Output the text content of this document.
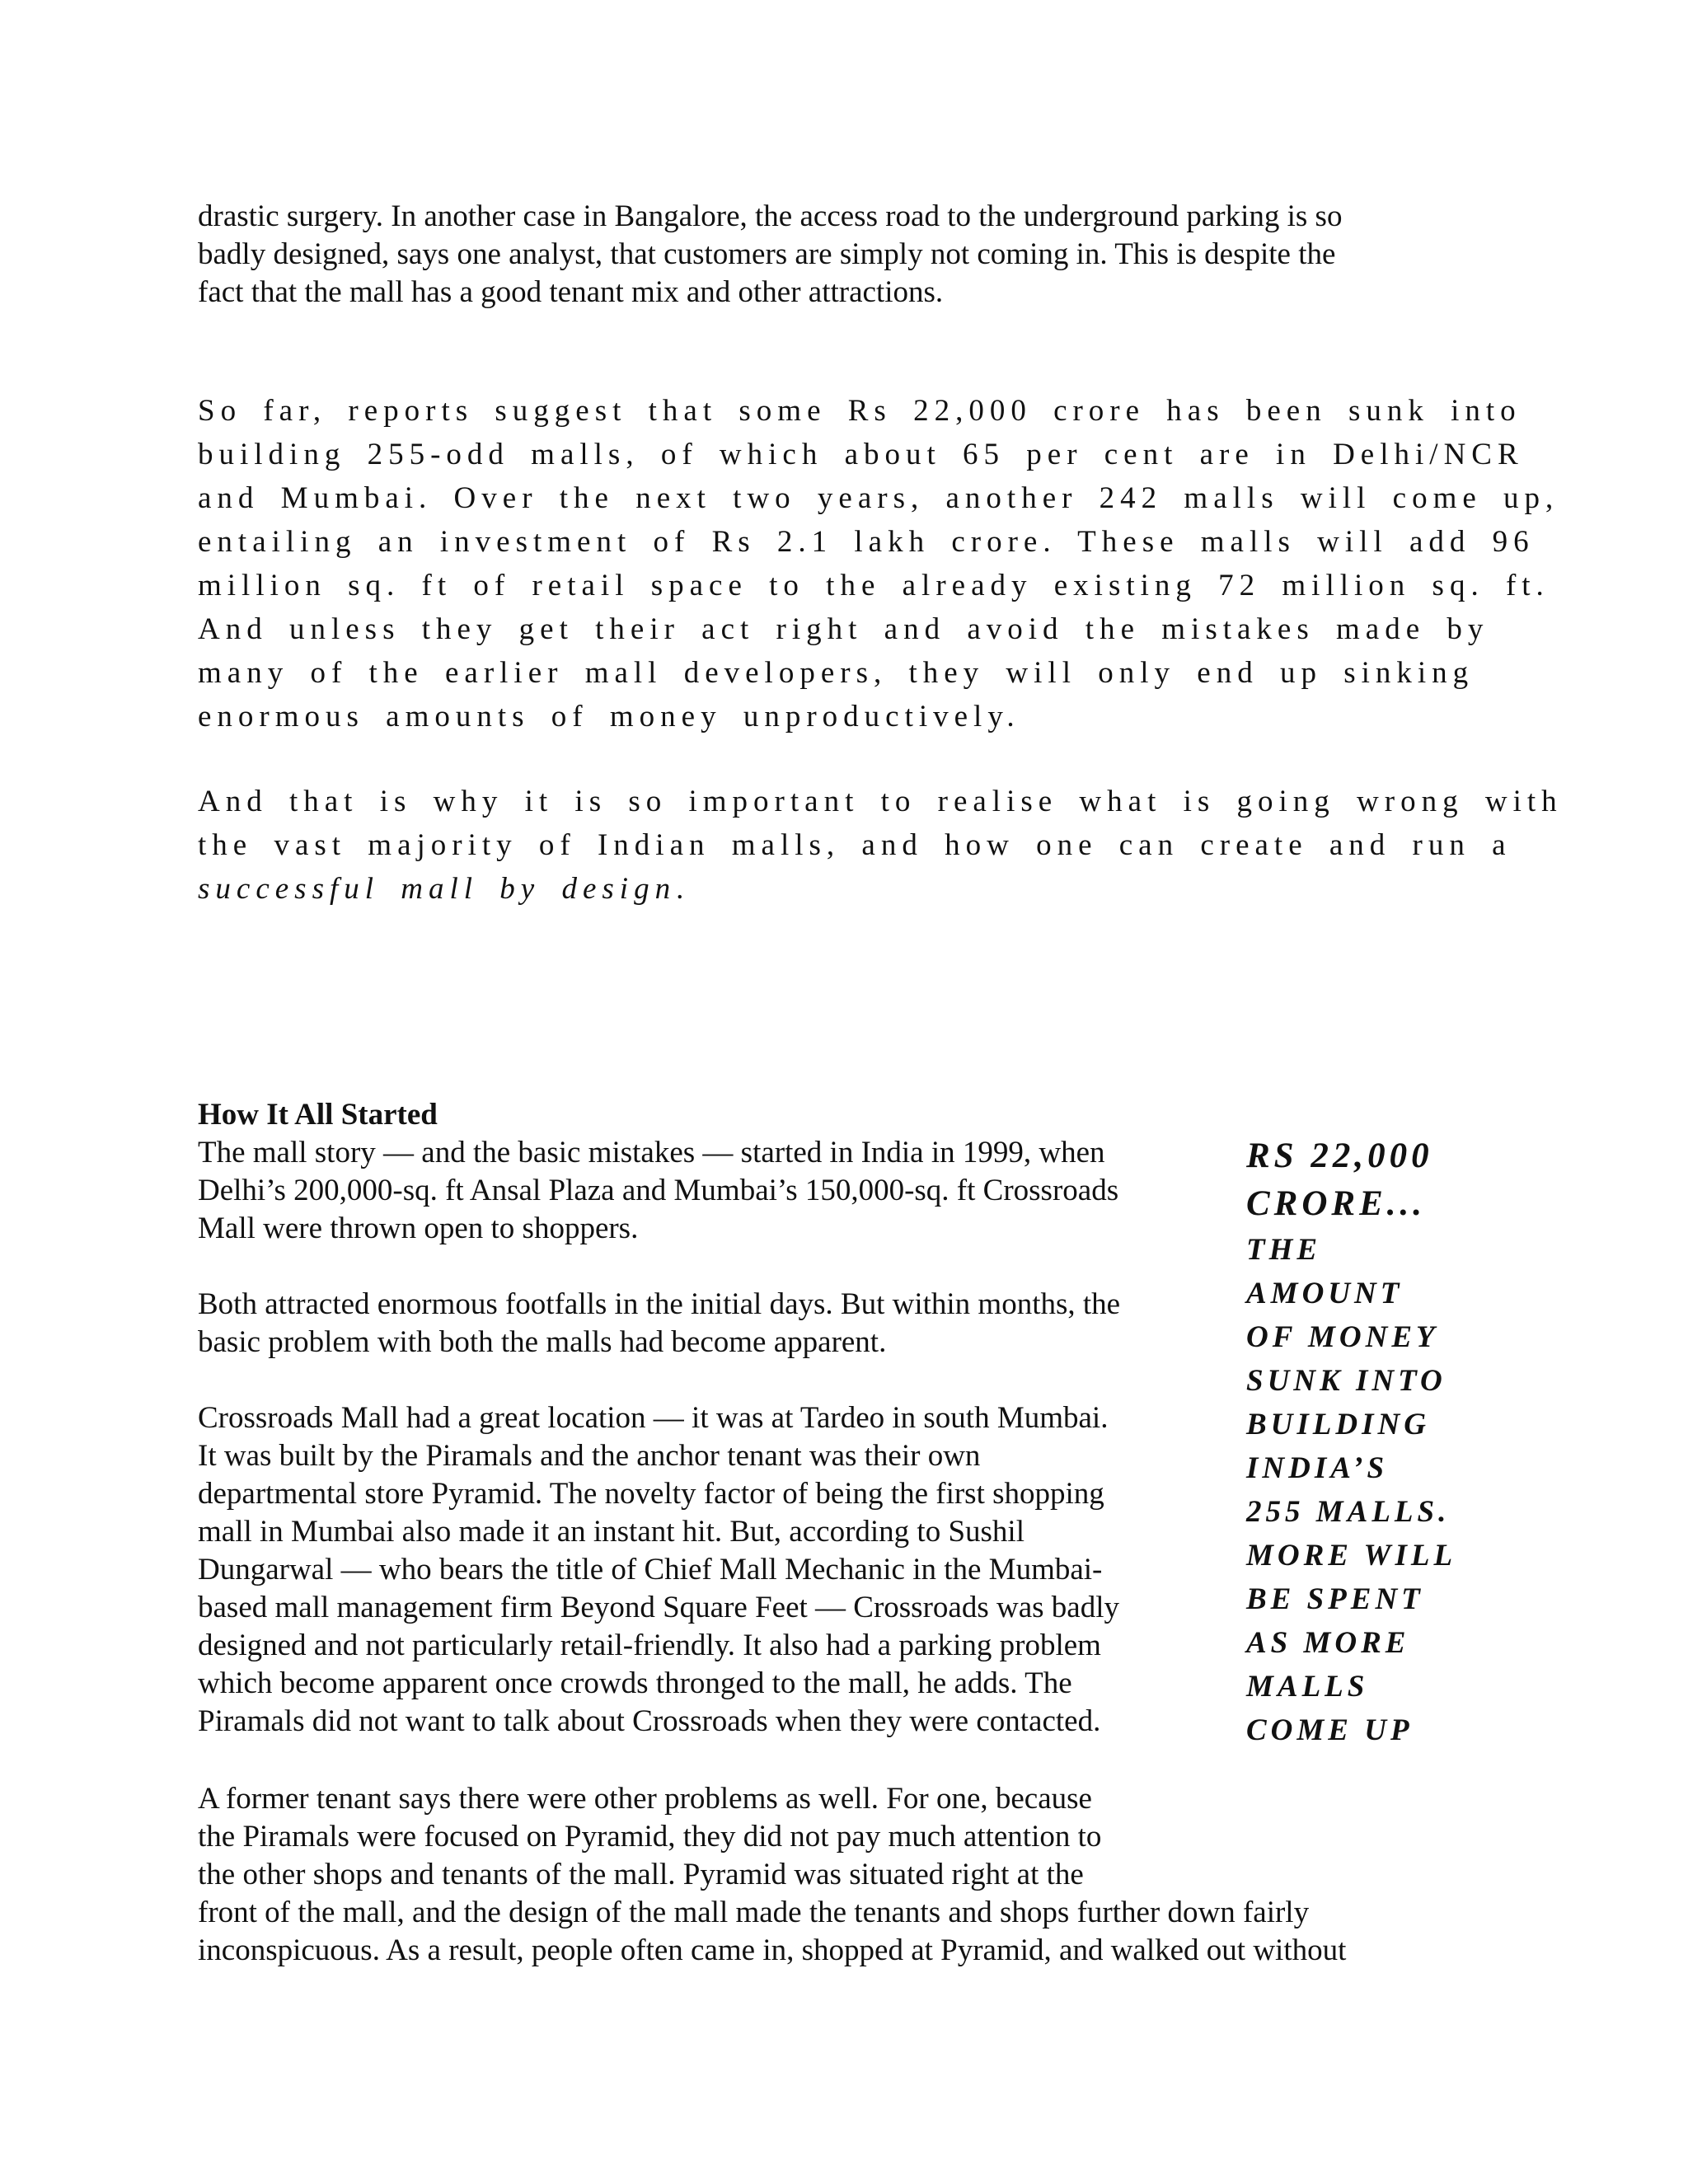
drastic surgery. In another case in Bangalore, the access road to the underground parking is so
badly designed, says one analyst, that customers are simply not coming in. This is despite the
fact that the mall has a good tenant mix and other attractions.
So far, reports suggest that some Rs 22,000 crore has been sunk into
building 255-odd malls, of which about 65 per cent are in Delhi/NCR
and Mumbai. Over the next two years, another 242 malls will come up,
entailing an investment of Rs 2.1 lakh crore. These malls will add 96
million sq. ft of retail space to the already existing 72 million sq. ft.
And unless they get their act right and avoid the mistakes made by
many of the earlier mall developers, they will only end up sinking
enormous amounts of money unproductively.
And that is why it is so important to realise what is going wrong with
the vast majority of Indian malls, and how one can create and run a
successful mall by design.
How It All Started
The mall story — and the basic mistakes — started in India in 1999, when
Delhi’s 200,000-sq. ft Ansal Plaza and Mumbai’s 150,000-sq. ft Crossroads
Mall were thrown open to shoppers.
Both attracted enormous footfalls in the initial days. But within months, the
basic problem with both the malls had become apparent.
Crossroads Mall had a great location — it was at Tardeo in south Mumbai.
It was built by the Piramals and the anchor tenant was their own
departmental store Pyramid. The novelty factor of being the first shopping
mall in Mumbai also made it an instant hit. But, according to Sushil
Dungarwal — who bears the title of Chief Mall Mechanic in the Mumbai-
based mall management firm Beyond Square Feet — Crossroads was badly
designed and not particularly retail-friendly. It also had a parking problem
which become apparent once crowds thronged to the mall, he adds. The
Piramals did not want to talk about Crossroads when they were contacted.
A former tenant says there were other problems as well. For one, because
the Piramals were focused on Pyramid, they did not pay much attention to
the other shops and tenants of the mall. Pyramid was situated right at the
front of the mall, and the design of the mall made the tenants and shops further down fairly
inconspicuous. As a result, people often came in, shopped at Pyramid, and walked out without
RS 22,000
CRORE...
THE
AMOUNT
OF MONEY
SUNK INTO
BUILDING
INDIA’S
255 MALLS.
MORE WILL
BE SPENT
AS MORE
MALLS
COME UP
